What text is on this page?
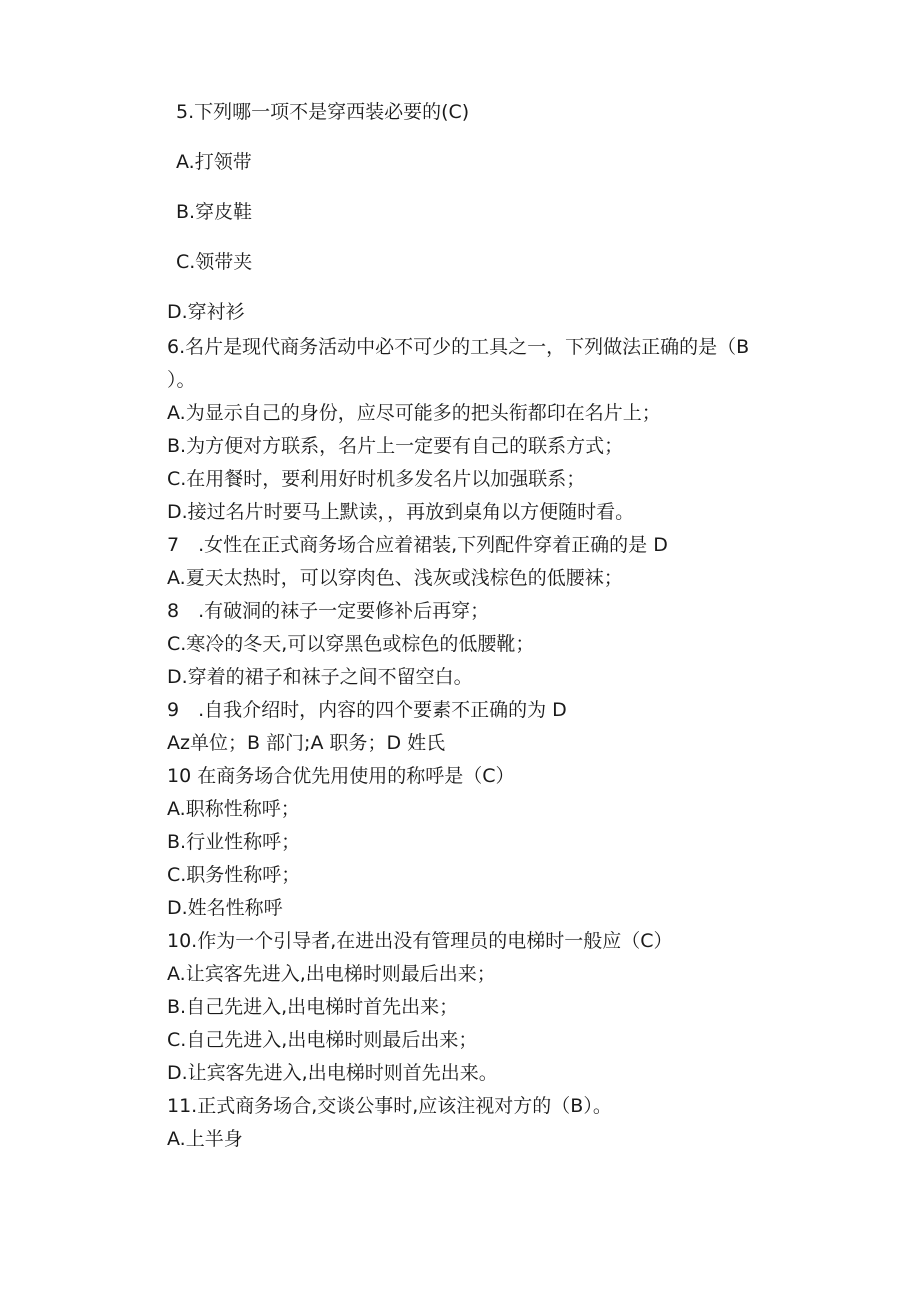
5.下列哪一项不是穿西装必要的(C)
A.打领带
B.穿皮鞋
C.领带夹
D.穿衬衫
6.名片是现代商务活动中必不可少的工具之一，下列做法正确的是（B
）。
A.为显示自己的身份，应尽可能多的把头衔都印在名片上；
B.为方便对方联系，名片上一定要有自己的联系方式；
C.在用餐时，要利用好时机多发名片以加强联系；
D.接过名片时要马上默读，，再放到桌角以方便随时看。
7　.女性在正式商务场合应着裙装,下列配件穿着正确的是 D
A.夏天太热时，可以穿肉色、浅灰或浅棕色的低腰袜；
8　.有破洞的袜子一定要修补后再穿；
C.寒冷的冬天,可以穿黑色或棕色的低腰靴；
D.穿着的裙子和袜子之间不留空白。
9　.自我介绍时，内容的四个要素不正确的为 D
Az单位；B 部门;A 职务；D 姓氏
10 在商务场合优先用使用的称呼是（C）
A.职称性称呼；
B.行业性称呼；
C.职务性称呼；
D.姓名性称呼
10.作为一个引导者,在进出没有管理员的电梯时一般应（C）
A.让宾客先进入,出电梯时则最后出来；
B.自己先进入,出电梯时首先出来；
C.自己先进入,出电梯时则最后出来；
D.让宾客先进入,出电梯时则首先出来。
11.正式商务场合,交谈公事时,应该注视对方的（B）。
A.上半身
